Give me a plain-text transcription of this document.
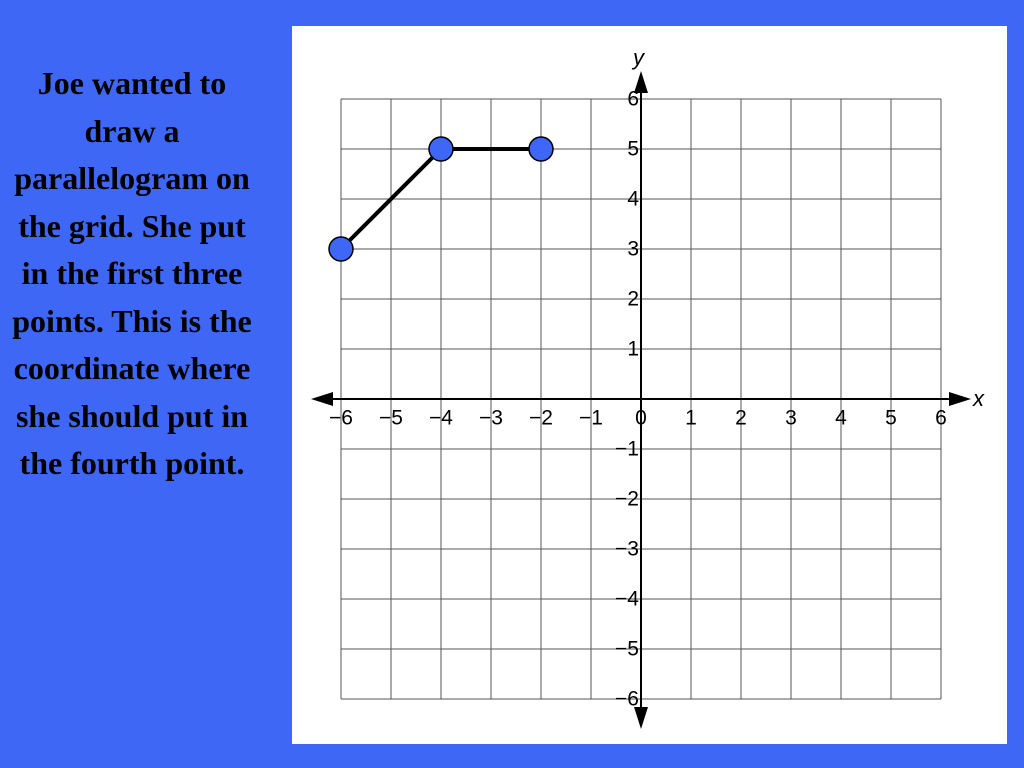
Joe wanted to draw a parallelogram on the grid. She put in the first three points. This is the coordinate where she should put in the fourth point.

x
y
−6 −5 −4 −3 −2 −1 0 1 2 3 4 5 6
−6
−5
−4
−3
−2
−1
1
2
3
4
5
6
